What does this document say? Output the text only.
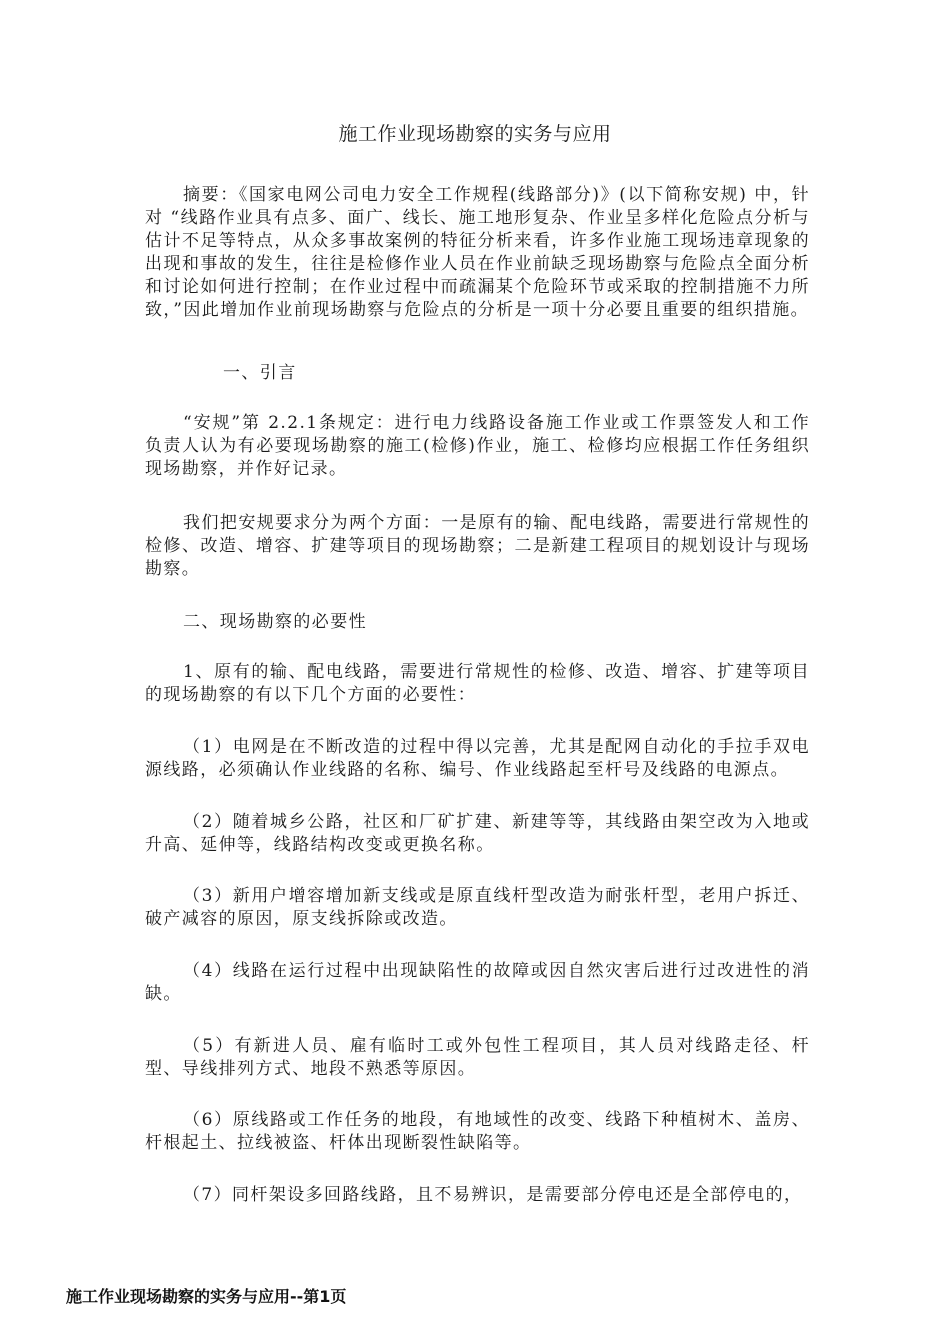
施工作业现场勘察的实务与应用

摘要：《国家电网公司电力安全工作规程(线路部分)》(以下简称安规) 中，针对 “线路作业具有点多、面广、线长、施工地形复杂、作业呈多样化危险点分析与估计不足等特点，从众多事故案例的特征分析来看，许多作业施工现场违章现象的出现和事故的发生，往往是检修作业人员在作业前缺乏现场勘察与危险点全面分析和讨论如何进行控制；在作业过程中而疏漏某个危险环节或采取的控制措施不力所致，”因此增加作业前现场勘察与危险点的分析是一项十分必要且重要的组织措施。

一、引言

“安规”第 2.2.1条规定：进行电力线路设备施工作业或工作票签发人和工作负责人认为有必要现场勘察的施工(检修)作业，施工、检修均应根据工作任务组织现场勘察，并作好记录。

我们把安规要求分为两个方面：一是原有的输、配电线路，需要进行常规性的检修、改造、增容、扩建等项目的现场勘察；二是新建工程项目的规划设计与现场勘察。

二、现场勘察的必要性

1、原有的输、配电线路，需要进行常规性的检修、改造、增容、扩建等项目的现场勘察的有以下几个方面的必要性：

（1）电网是在不断改造的过程中得以完善，尤其是配网自动化的手拉手双电源线路，必须确认作业线路的名称、编号、作业线路起至杆号及线路的电源点。

（2）随着城乡公路，社区和厂矿扩建、新建等等，其线路由架空改为入地或升高、延伸等，线路结构改变或更换名称。

（3）新用户增容增加新支线或是原直线杆型改造为耐张杆型，老用户拆迁、破产减容的原因，原支线拆除或改造。

（4）线路在运行过程中出现缺陷性的故障或因自然灾害后进行过改进性的消缺。

（5）有新进人员、雇有临时工或外包性工程项目，其人员对线路走径、杆型、导线排列方式、地段不熟悉等原因。

（6）原线路或工作任务的地段，有地域性的改变、线路下种植树木、盖房、杆根起土、拉线被盗、杆体出现断裂性缺陷等。

（7）同杆架设多回路线路，且不易辨识，是需要部分停电还是全部停电的，

施工作业现场勘察的实务与应用--第1页
